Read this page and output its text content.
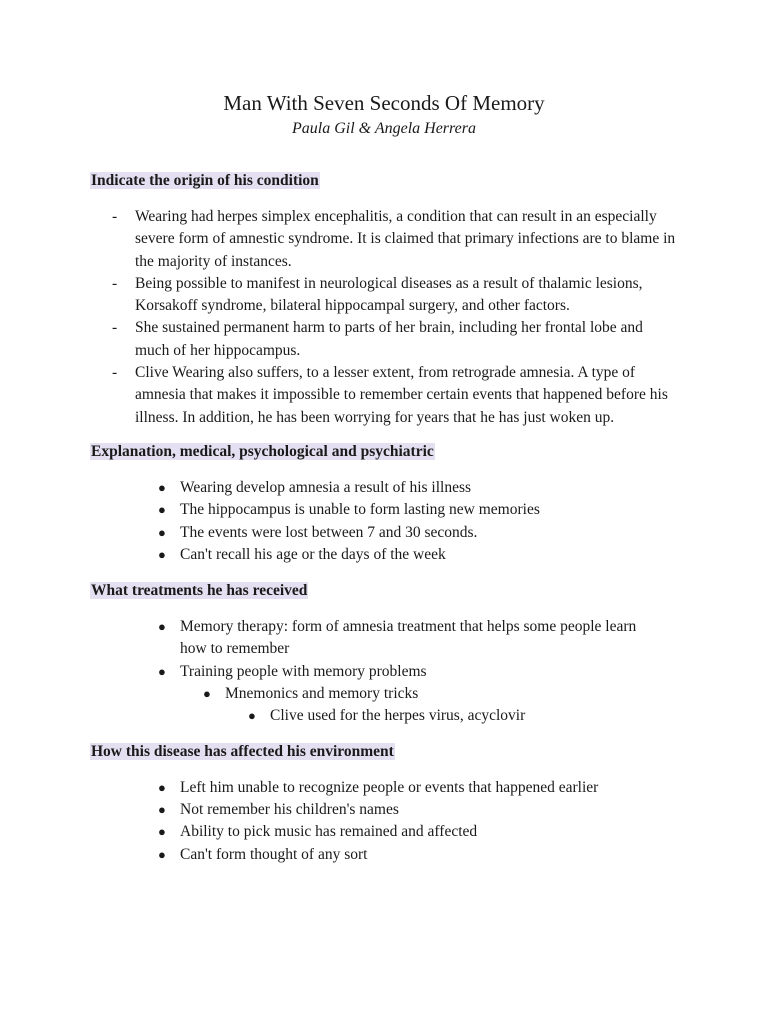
Man With Seven Seconds Of Memory

Paula Gil & Angela Herrera

Indicate the origin of his condition
- Wearing had herpes simplex encephalitis, a condition that can result in an especially severe form of amnestic syndrome. It is claimed that primary infections are to blame in the majority of instances.
- Being possible to manifest in neurological diseases as a result of thalamic lesions, Korsakoff syndrome, bilateral hippocampal surgery, and other factors.
- She sustained permanent harm to parts of her brain, including her frontal lobe and much of her hippocampus.
- Clive Wearing also suffers, to a lesser extent, from retrograde amnesia. A type of amnesia that makes it impossible to remember certain events that happened before his illness. In addition, he has been worrying for years that he has just woken up.
Explanation, medical, psychological and psychiatric
● Wearing develop amnesia a result of his illness
● The hippocampus is unable to form lasting new memories
● The events were lost between 7 and 30 seconds.
● Can't recall his age or the days of the week
What treatments he has received
● Memory therapy: form of amnesia treatment that helps some people learn how to remember
● Training people with memory problems
● Mnemonics and memory tricks
● Clive used for the herpes virus, acyclovir
How this disease has affected his environment
● Left him unable to recognize people or events that happened earlier
● Not remember his children's names
● Ability to pick music has remained and affected
● Can't form thought of any sort
